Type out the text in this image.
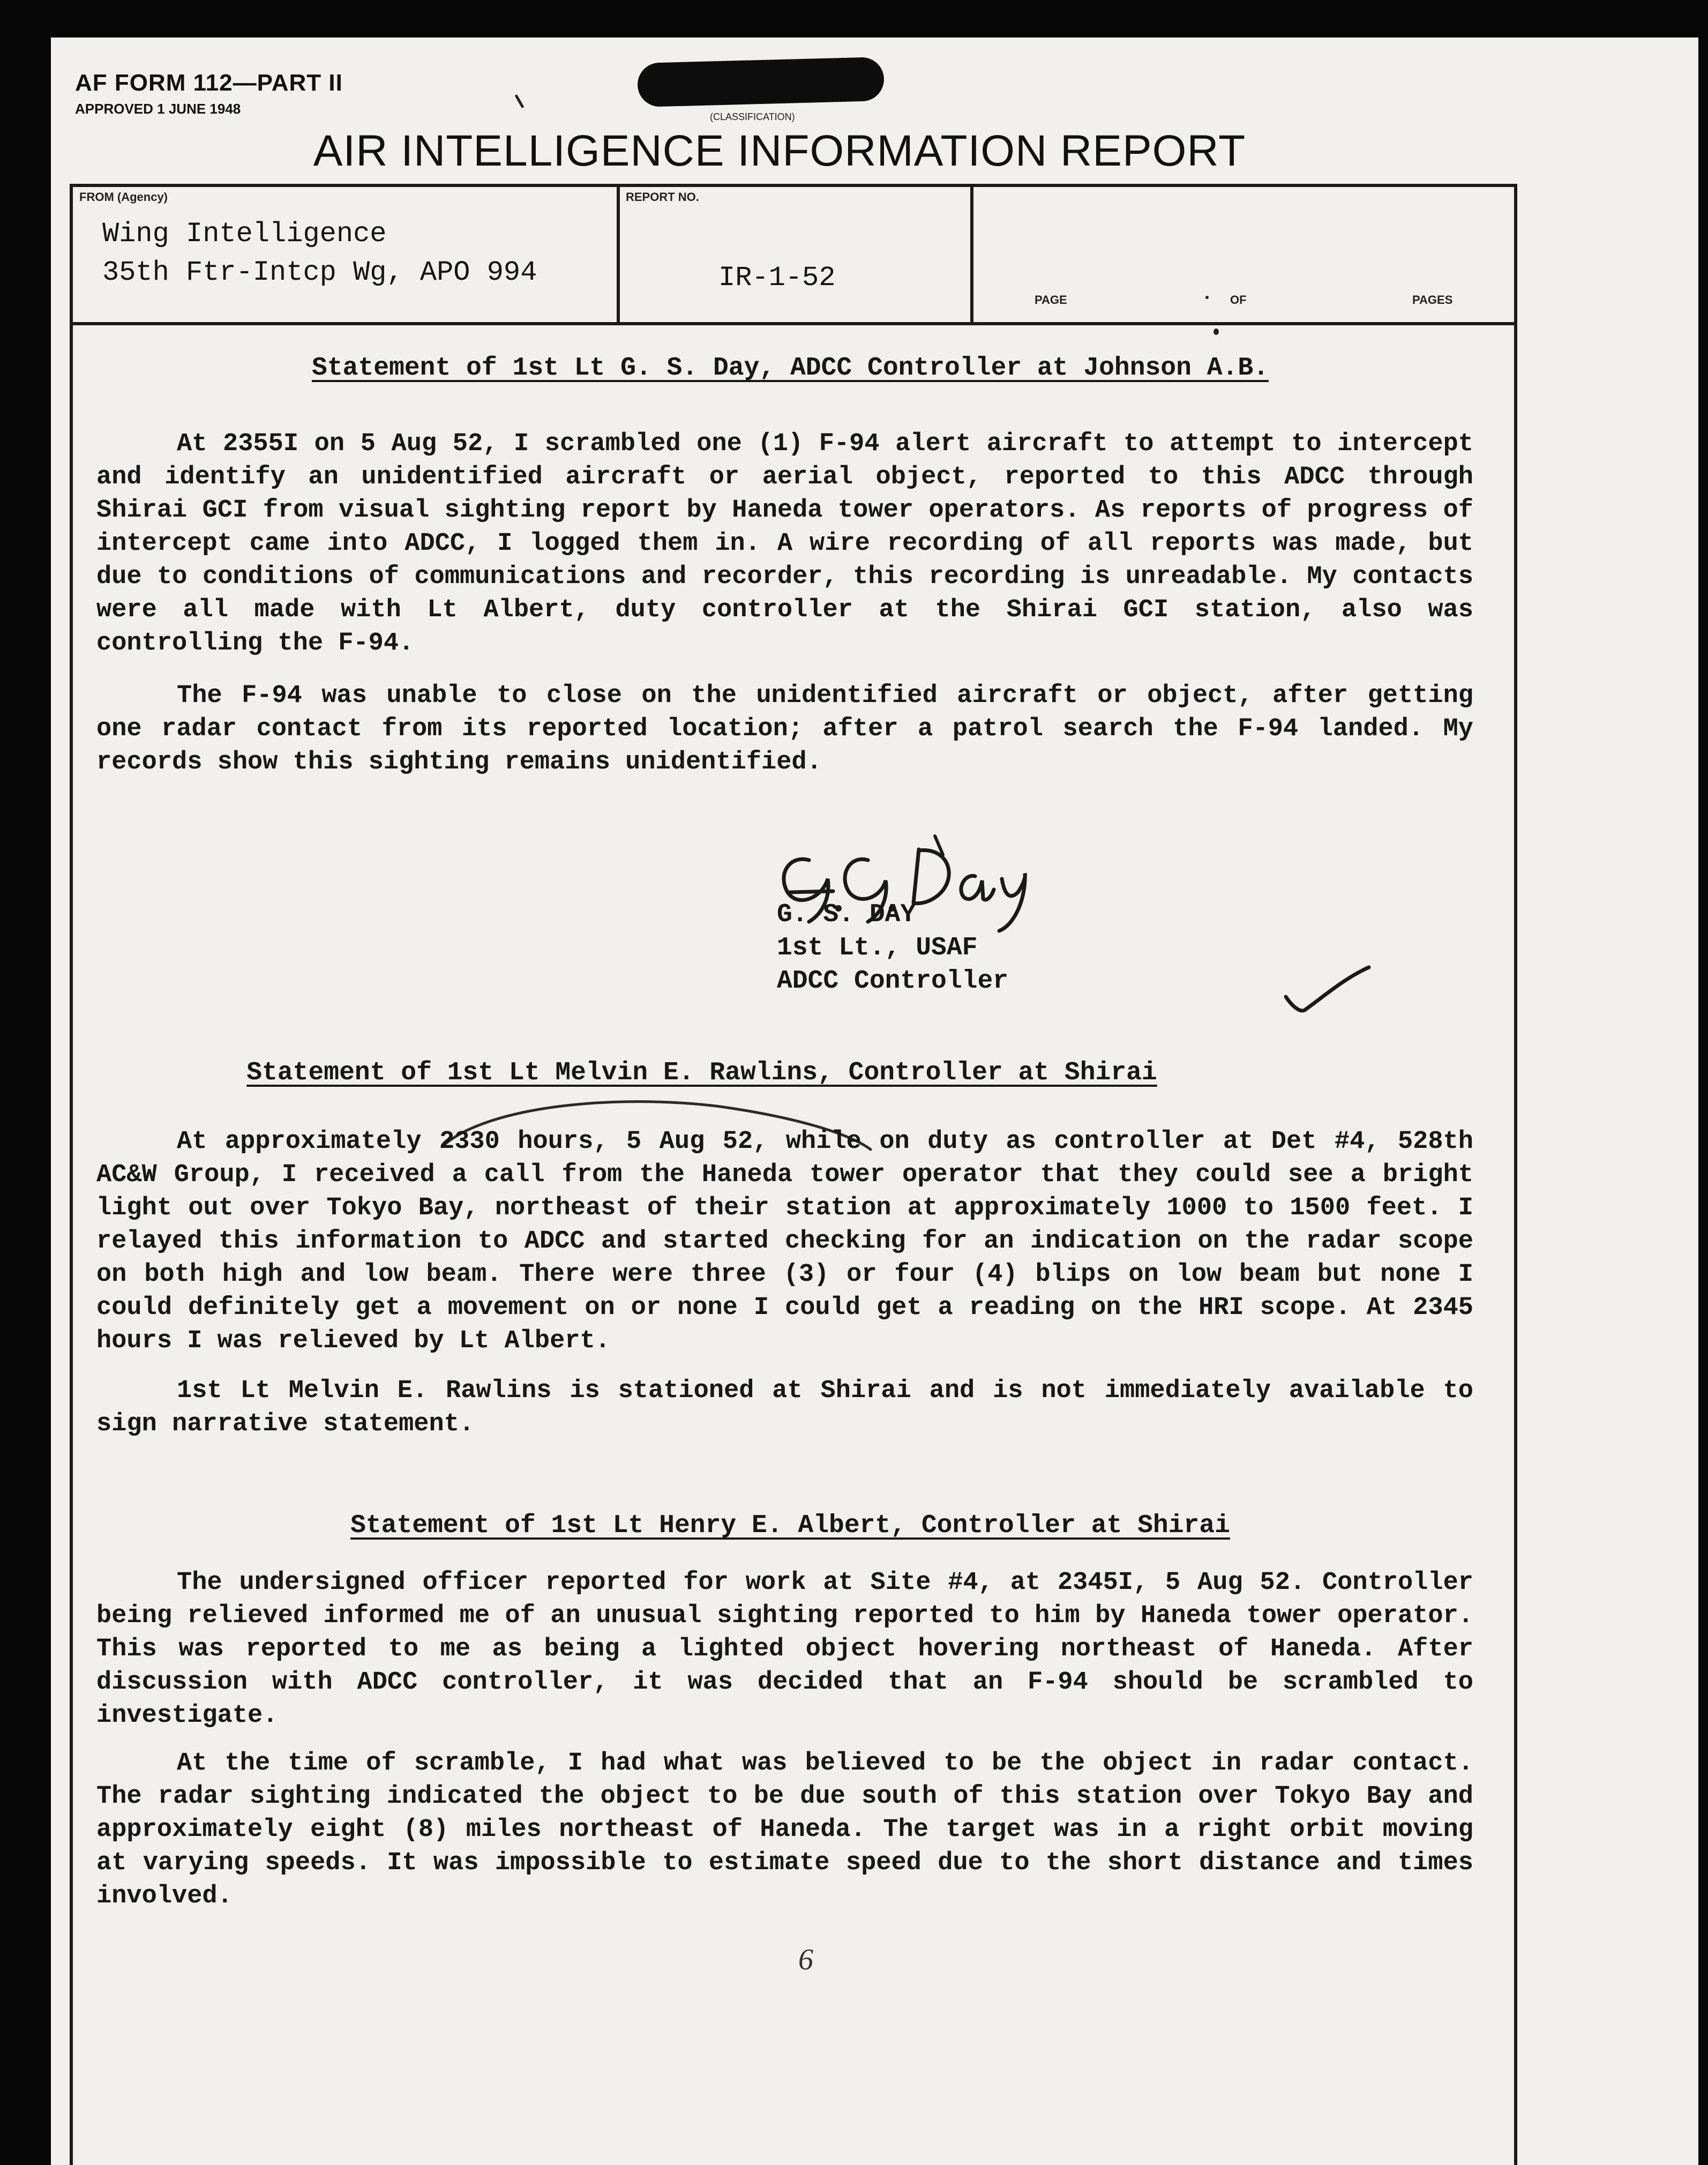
AF FORM 112—PART II
APPROVED 1 JUNE 1948	(CLASSIFICATION)
AIR INTELLIGENCE INFORMATION REPORT
FROM (Agency)
Wing Intelligence
35th Ftr-Intcp Wg, APO 994
REPORT NO.
IR-1-52
PAGE	OF	PAGES
Statement of 1st Lt G. S. Day, ADCC Controller at Johnson A.B.
At 2355I on 5 Aug 52, I scrambled one (1) F-94 alert aircraft to attempt to intercept and identify an unidentified aircraft or aerial object, reported to this ADCC through Shirai GCI from visual sighting report by Haneda tower operators. As reports of progress of intercept came into ADCC, I logged them in. A wire recording of all reports was made, but due to conditions of communications and recorder, this recording is unreadable. My contacts were all made with Lt Albert, duty controller at the Shirai GCI station, also was controlling the F-94.
The F-94 was unable to close on the unidentified aircraft or object, after getting one radar contact from its reported location; after a patrol search the F-94 landed. My records show this sighting remains unidentified.
G. S. DAY
1st Lt., USAF
ADCC Controller
Statement of 1st Lt Melvin E. Rawlins, Controller at Shirai
At approximately 2330 hours, 5 Aug 52, while on duty as controller at Det #4, 528th AC&W Group, I received a call from the Haneda tower operator that they could see a bright light out over Tokyo Bay, northeast of their station at approximately 1000 to 1500 feet. I relayed this information to ADCC and started checking for an indication on the radar scope on both high and low beam. There were three (3) or four (4) blips on low beam but none I could definitely get a movement on or none I could get a reading on the HRI scope. At 2345 hours I was relieved by Lt Albert.
1st Lt Melvin E. Rawlins is stationed at Shirai and is not immediately available to sign narrative statement.
Statement of 1st Lt Henry E. Albert, Controller at Shirai
The undersigned officer reported for work at Site #4, at 2345I, 5 Aug 52. Controller being relieved informed me of an unusual sighting reported to him by Haneda tower operator. This was reported to me as being a lighted object hovering northeast of Haneda. After discussion with ADCC controller, it was decided that an F-94 should be scrambled to investigate.
At the time of scramble, I had what was believed to be the object in radar contact. The radar sighting indicated the object to be due south of this station over Tokyo Bay and approximately eight (8) miles northeast of Haneda. The target was in a right orbit moving at varying speeds. It was impossible to estimate speed due to the short distance and times involved.
6
